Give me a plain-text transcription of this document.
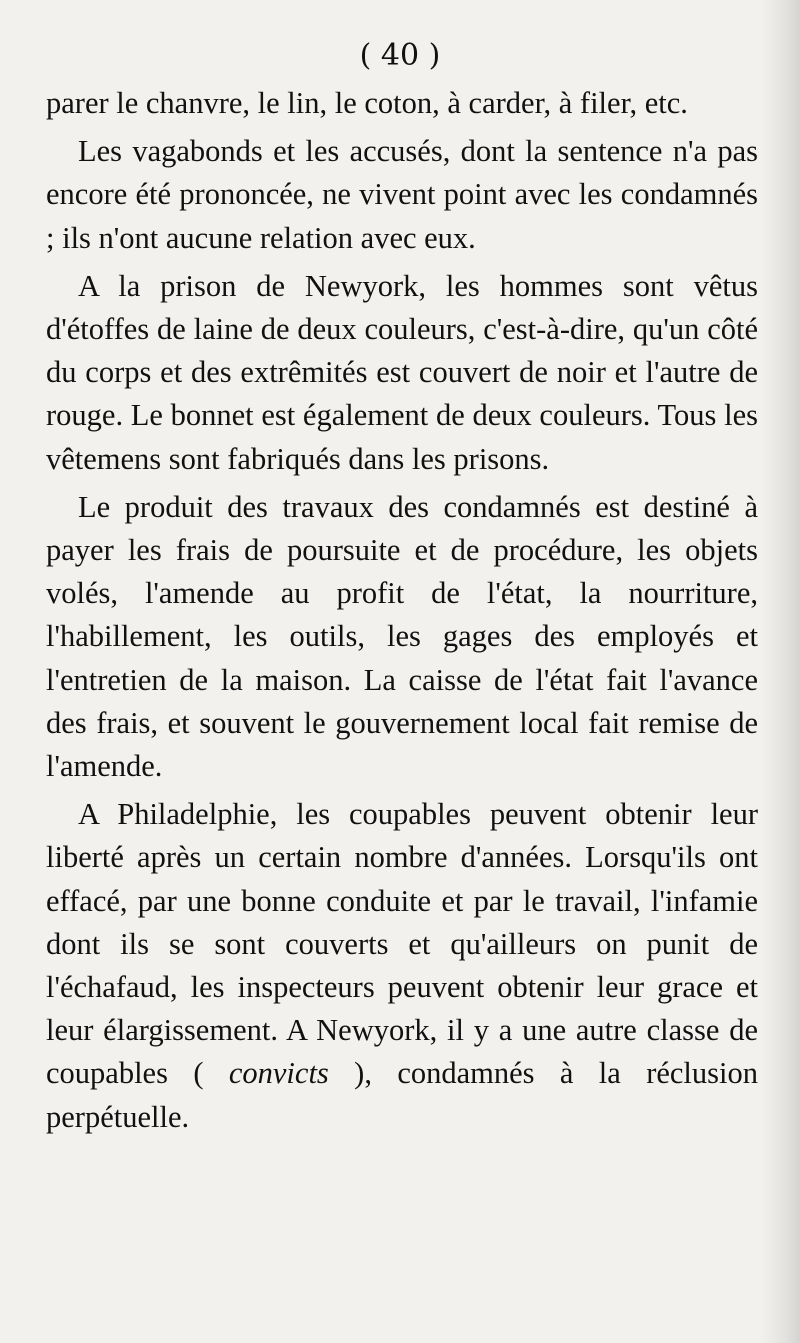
( 40 )

parer le chanvre, le lin, le coton, à carder, à filer, etc.

Les vagabonds et les accusés, dont la sentence n'a pas encore été prononcée, ne vivent point avec les condamnés ; ils n'ont aucune relation avec eux.

A la prison de Newyork, les hommes sont vêtus d'étoffes de laine de deux couleurs, c'est-à-dire, qu'un côté du corps et des extrêmités est couvert de noir et l'autre de rouge. Le bonnet est également de deux couleurs. Tous les vêtemens sont fabriqués dans les prisons.

Le produit des travaux des condamnés est destiné à payer les frais de poursuite et de procédure, les objets volés, l'amende au profit de l'état, la nourriture, l'habillement, les outils, les gages des employés et l'entretien de la maison. La caisse de l'état fait l'avance des frais, et souvent le gouvernement local fait remise de l'amende.

A Philadelphie, les coupables peuvent obtenir leur liberté après un certain nombre d'années. Lorsqu'ils ont effacé, par une bonne conduite et par le travail, l'infamie dont ils se sont couverts et qu'ailleurs on punit de l'échafaud, les inspecteurs peuvent obtenir leur grace et leur élargissement. A Newyork, il y a une autre classe de coupables ( convicts ), condamnés à la réclusion perpétuelle.
